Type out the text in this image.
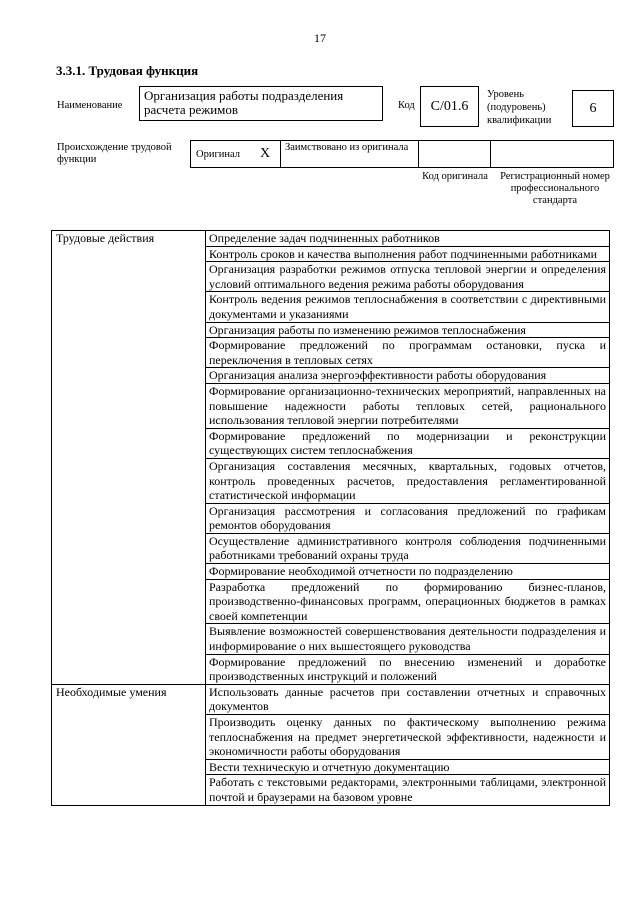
17
3.3.1. Трудовая функция
Наименование
Организация работы подразделения расчета режимов	Код	С/01.6
Уровень (подуровень) квалификации
6
Происхождение трудовой функции	Оригинал X Заимствовано из оригинала
Код оригинала	Регистрационный номер профессионального стандарта
Трудовые действия	Определение задач подчиненных работников
	Контроль сроков и качества выполнения работ подчиненными работниками
	Организация разработки режимов отпуска тепловой энергии и определения условий оптимального ведения режима работы оборудования
	Контроль ведения режимов теплоснабжения в соответствии с директивными документами и указаниями
	Организация работы по изменению режимов теплоснабжения
	Формирование предложений по программам остановки, пуска и переключения в тепловых сетях
	Организация анализа энергоэффективности работы оборудования
	Формирование организационно-технических мероприятий, направленных на повышение надежности работы тепловых сетей, рационального использования тепловой энергии потребителями
	Формирование предложений по модернизации и реконструкции существующих систем теплоснабжения
	Организация составления месячных, квартальных, годовых отчетов, контроль проведенных расчетов, предоставления регламентированной статистической информации
	Организация рассмотрения и согласования предложений по графикам ремонтов оборудования
	Осуществление административного контроля соблюдения подчиненными работниками требований охраны труда
	Формирование необходимой отчетности по подразделению
	Разработка предложений по формированию бизнес-планов, производственно-финансовых программ, операционных бюджетов в рамках своей компетенции
	Выявление возможностей совершенствования деятельности подразделения и информирование о них вышестоящего руководства
	Формирование предложений по внесению изменений и доработке производственных инструкций и положений
Необходимые умения	Использовать данные расчетов при составлении отчетных и справочных документов
	Производить оценку данных по фактическому выполнению режима теплоснабжения на предмет энергетической эффективности, надежности и экономичности работы оборудования
	Вести техническую и отчетную документацию
	Работать с текстовыми редакторами, электронными таблицами, электронной почтой и браузерами на базовом уровне
